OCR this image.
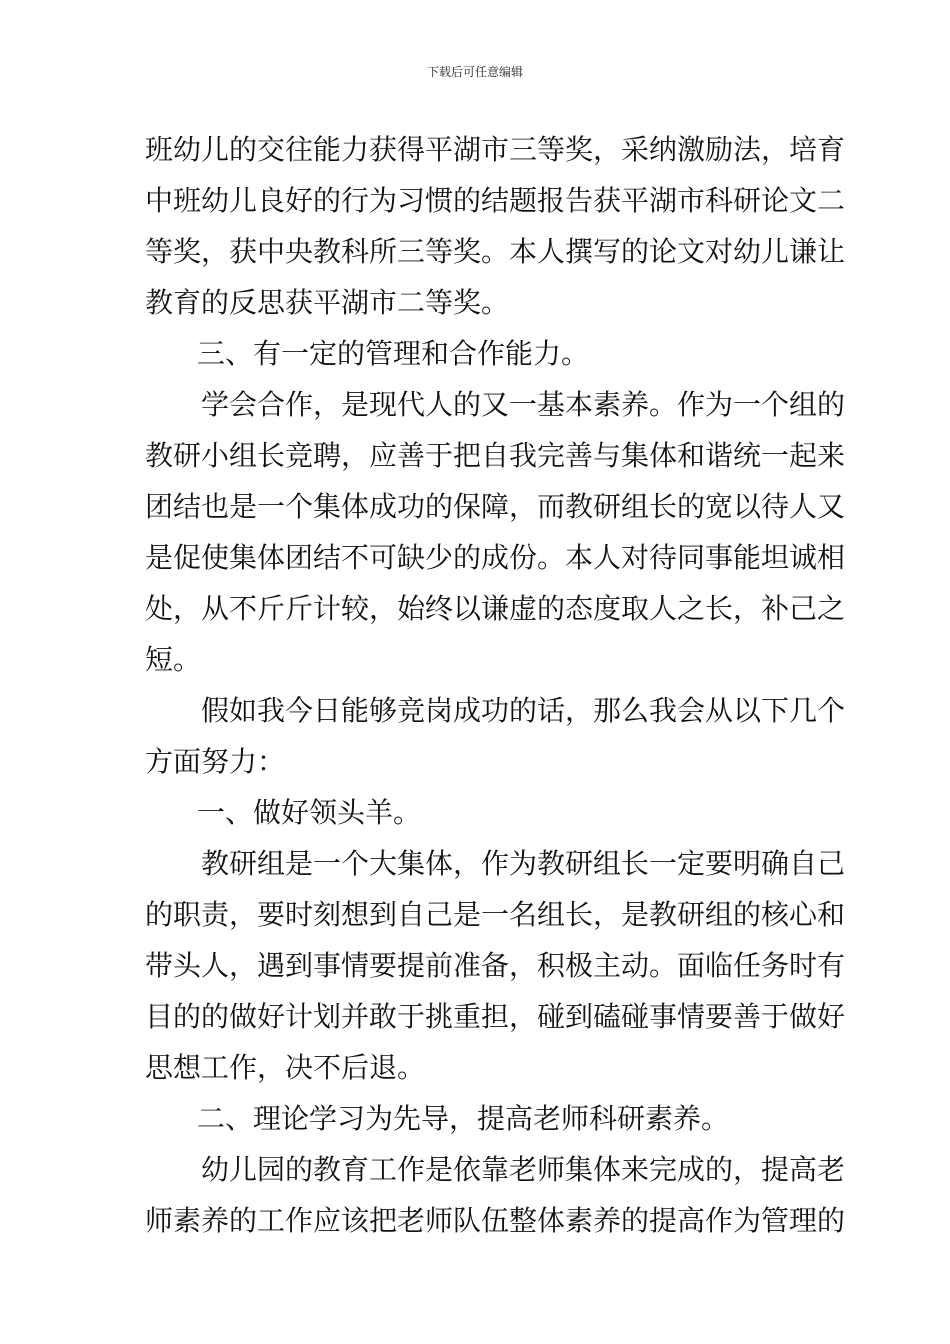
下载后可任意编辑
班幼儿的交往能力获得平湖市三等奖，采纳激励法，培育
中班幼儿良好的行为习惯的结题报告获平湖市科研论文二
等奖，获中央教科所三等奖。本人撰写的论文对幼儿谦让
教育的反思获平湖市二等奖。
三、有一定的管理和合作能力。
学会合作，是现代人的又一基本素养。作为一个组的
教研小组长竞聘，应善于把自我完善与集体和谐统一起来
团结也是一个集体成功的保障，而教研组长的宽以待人又
是促使集体团结不可缺少的成份。本人对待同事能坦诚相
处，从不斤斤计较，始终以谦虚的态度取人之长，补己之
短。
假如我今日能够竞岗成功的话，那么我会从以下几个
方面努力：
一、做好领头羊。
教研组是一个大集体，作为教研组长一定要明确自己
的职责，要时刻想到自己是一名组长，是教研组的核心和
带头人，遇到事情要提前准备，积极主动。面临任务时有
目的的做好计划并敢于挑重担，碰到磕碰事情要善于做好
思想工作，决不后退。
二、理论学习为先导，提高老师科研素养。
幼儿园的教育工作是依靠老师集体来完成的，提高老
师素养的工作应该把老师队伍整体素养的提高作为管理的
